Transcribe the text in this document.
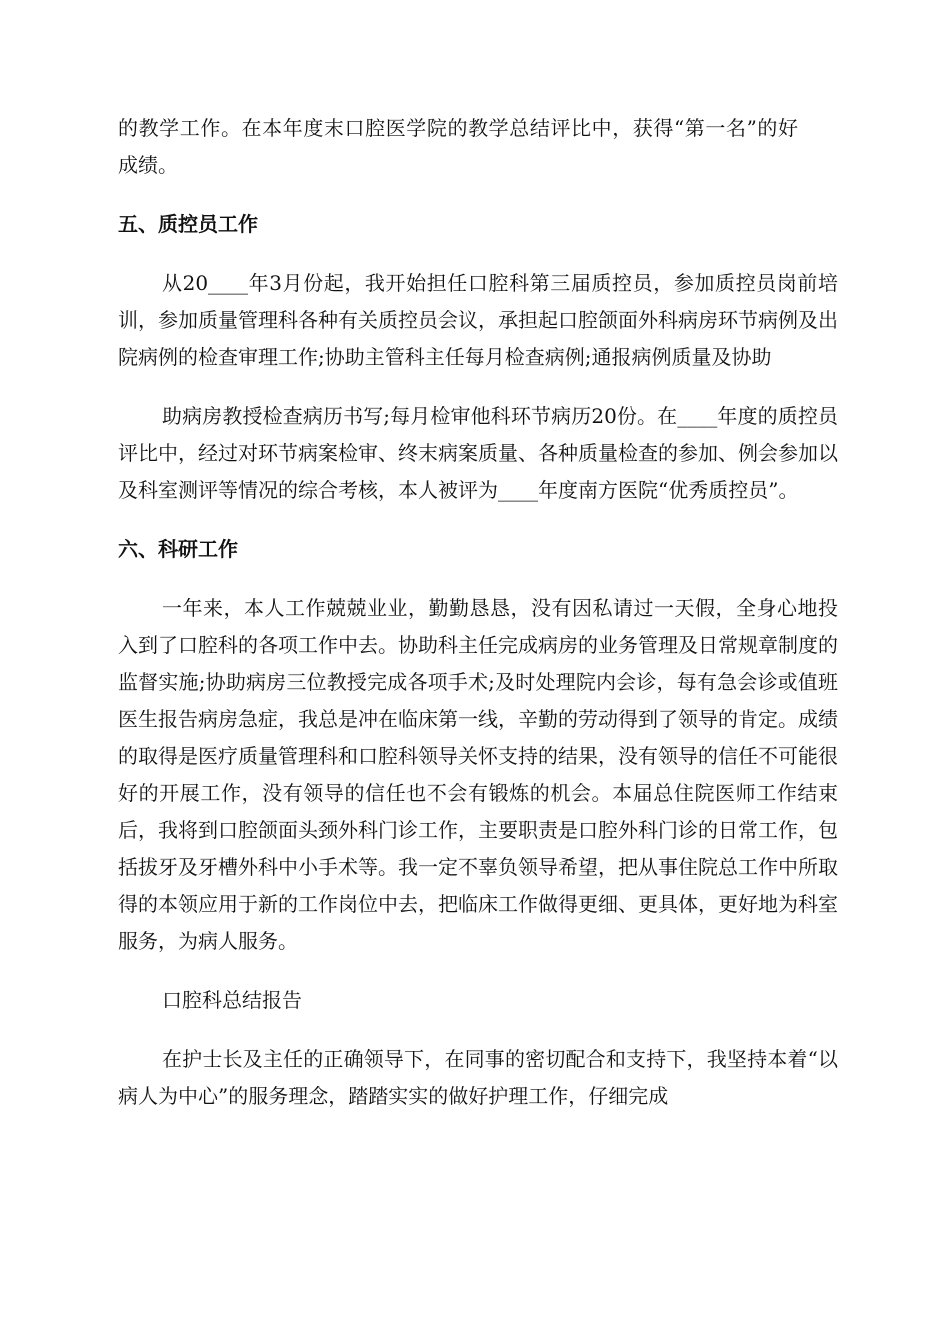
的教学工作。在本年度末口腔医学院的教学总结评比中，获得“第一名”的好成绩。

五、质控员工作

从20____年3月份起，我开始担任口腔科第三届质控员，参加质控员岗前培训，参加质量管理科各种有关质控员会议，承担起口腔颌面外科病房环节病例及出院病例的检查审理工作;协助主管科主任每月检查病例;通报病例质量及协助

助病房教授检查病历书写;每月检审他科环节病历20份。在____年度的质控员评比中，经过对环节病案检审、终末病案质量、各种质量检查的参加、例会参加以及科室测评等情况的综合考核，本人被评为____年度南方医院“优秀质控员”。

六、科研工作

一年来，本人工作兢兢业业，勤勤恳恳，没有因私请过一天假，全身心地投入到了口腔科的各项工作中去。协助科主任完成病房的业务管理及日常规章制度的监督实施;协助病房三位教授完成各项手术;及时处理院内会诊，每有急会诊或值班医生报告病房急症，我总是冲在临床第一线，辛勤的劳动得到了领导的肯定。成绩的取得是医疗质量管理科和口腔科领导关怀支持的结果，没有领导的信任不可能很好的开展工作，没有领导的信任也不会有锻炼的机会。本届总住院医师工作结束后，我将到口腔颌面头颈外科门诊工作，主要职责是口腔外科门诊的日常工作，包括拔牙及牙槽外科中小手术等。我一定不辜负领导希望，把从事住院总工作中所取得的本领应用于新的工作岗位中去，把临床工作做得更细、更具体，更好地为科室服务，为病人服务。

口腔科总结报告

在护士长及主任的正确领导下，在同事的密切配合和支持下，我坚持本着“以病人为中心”的服务理念，踏踏实实的做好护理工作，仔细完成
